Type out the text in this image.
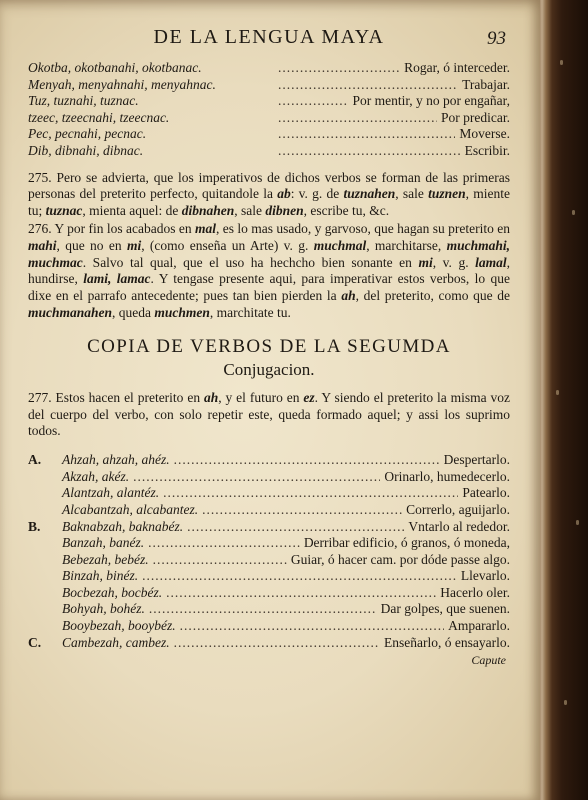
DE LA LENGUA MAYA	93
Okotba, okotbanahi, okotbanac. .....	Rogar, ó interceder.
Menyah, menyahnahi, menyahnac. .....	Trabajar.
Tuz, tuznahi, tuznac. .....	Por mentir, y no por engañar,
tzeec, tzeecnahi, tzeecnac. .....	Por predicar.
Pec, pecnahi, pecnac. .....	Moverse.
Dib, dibnahi, dibnac. .....	Escribir.

275. Pero se advierta, que los imperativos de dichos verbos se forman de las primeras personas del preterito perfecto, quitandole la ab: v. g. de tuznahen, sale tuznen, miente tu; tuznac, mienta aquel: de dibnahen, sale dibnen, escribe tu, &c.

276. Y por fin los acabados en mal, es lo mas usado, y garvoso, que hagan su preterito en mahi, que no en mi, (como enseña un Arte) v. g. muchmal, marchitarse, muchmahi, muchmac. Salvo tal qual, que el uso ha hechcho bien sonante en mi, v. g. lamal, hundirse, lami, lamac. Y tengase presente aqui, para imperativar estos verbos, lo que dixe en el parrafo antecedente; pues tan bien pierden la ah, del preterito, como que de muchmanahen, queda muchmen, marchitate tu.

COPIA DE VERBOS DE LA SEGUMDA
Conjugacion.

277. Estos hacen el preterito en ah, y el futuro en ez. Y siendo el preterito la misma voz del cuerpo del verbo, con solo repetir este, queda formado aquel; y assi los suprimo todos.

A.	Ahzah, ahzah, ahéz. .....	Despertarlo.
Akzah, akéz. .....	Orinarlo, humedecerlo.
Alantzah, alantéz. .....	Patearlo.
Alcabantzah, alcabantez. .....	Correrlo, aguijarlo.
B.	Baknabzah, baknabéz. .....	Vntarlo al rededor.
Banzah, banéz. .....	Derribar edificio, ó granos, ó moneda,
Bebezah, bebéz. .....	Guiar, ó hacer cam. por dóde passe algo.
Binzah, binéz. .....	Llevarlo.
Bocbezah, bocbéz. .....	Hacerlo oler.
Bohyah, bohéz. .....	Dar golpes, que suenen.
Booybezah, booybéz. .....	Ampararlo.
C.	Cambezah, cambez. .....	Enseñarlo, ó ensayarlo.
Capute
